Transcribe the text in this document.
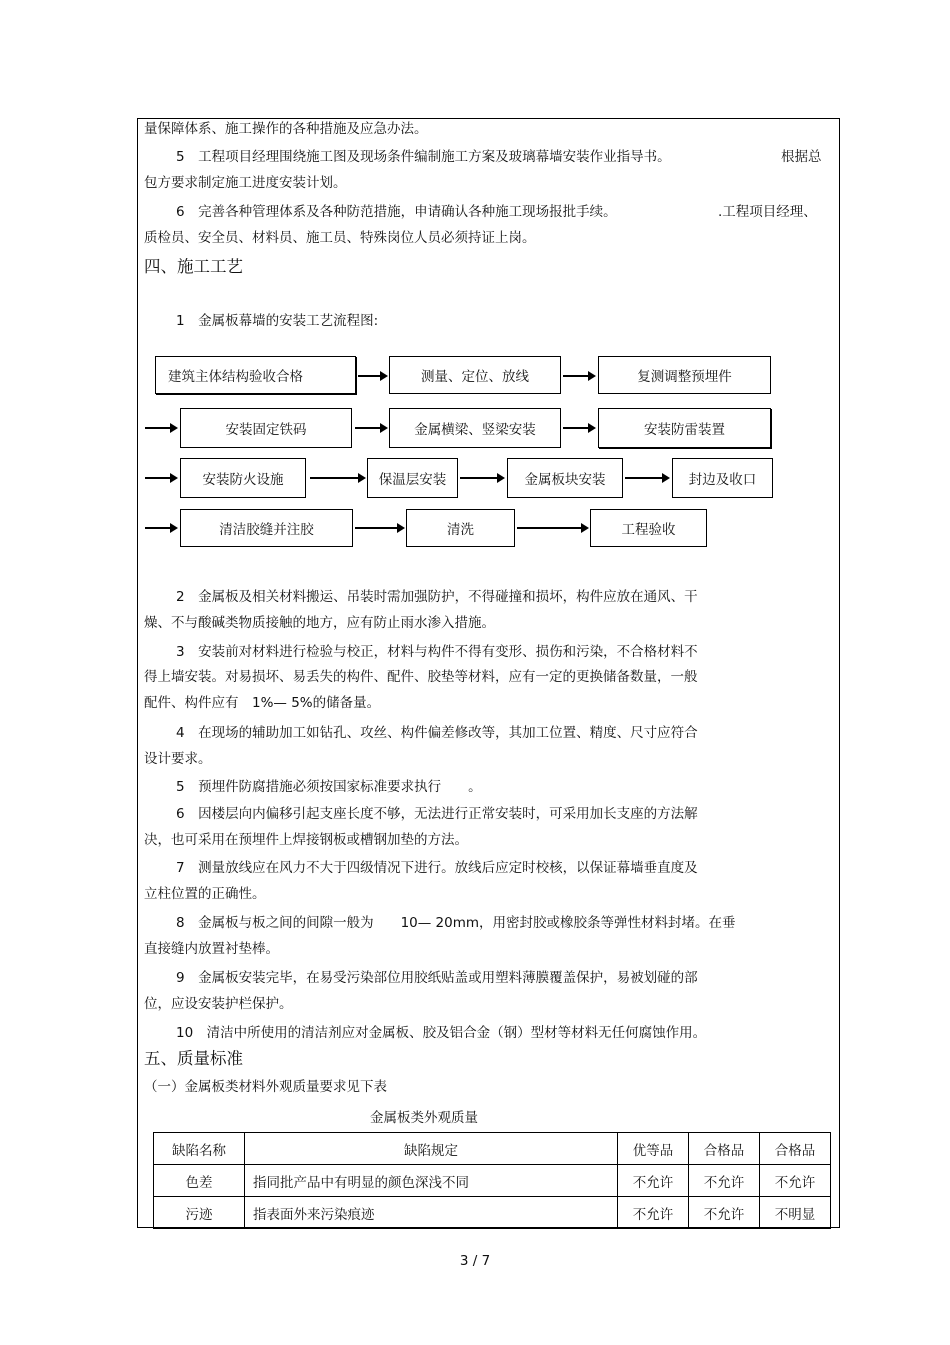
量保障体系、施工操作的各种措施及应急办法。
5　工程项目经理围绕施工图及现场条件编制施工方案及玻璃幕墙安装作业指导书。	根据总
包方要求制定施工进度安装计划。
6　完善各种管理体系及各种防范措施，申请确认各种施工现场报批手续。	.工程项目经理、
质检员、安全员、材料员、施工员、特殊岗位人员必须持证上岗。
四、施工工艺
1　金属板幕墙的安装工艺流程图:
建筑主体结构验收合格	测量、定位、放线	复测调整预埋件
安装固定铁码	金属横梁、竖梁安装	安装防雷装置
安装防火设施	保温层安装	金属板块安装	封边及收口
清洁胶缝并注胶	清洗	工程验收
2　金属板及相关材料搬运、吊装时需加强防护，不得碰撞和损坏，构件应放在通风、干
燥、不与酸碱类物质接触的地方，应有防止雨水渗入措施。
3　安装前对材料进行检验与校正，材料与构件不得有变形、损伤和污染，不合格材料不
得上墙安装。对易损坏、易丢失的构件、配件、胶垫等材料，应有一定的更换储备数量，一般
配件、构件应有　1%— 5%的储备量。
4　在现场的辅助加工如钻孔、攻丝、构件偏差修改等，其加工位置、精度、尺寸应符合
设计要求。
5　预埋件防腐措施必须按国家标准要求执行　　。
6　因楼层向内偏移引起支座长度不够，无法进行正常安装时，可采用加长支座的方法解
决，也可采用在预埋件上焊接钢板或槽钢加垫的方法。
7　测量放线应在风力不大于四级情况下进行。放线后应定时校核，以保证幕墙垂直度及
立柱位置的正确性。
8　金属板与板之间的间隙一般为　　10— 20mm，用密封胶或橡胶条等弹性材料封堵。在垂
直接缝内放置衬垫棒。
9　金属板安装完毕，在易受污染部位用胶纸贴盖或用塑料薄膜覆盖保护，易被划碰的部
位，应设安装护栏保护。
10　清洁中所使用的清洁剂应对金属板、胶及铝合金（钢）型材等材料无任何腐蚀作用。
五、质量标准
（一）金属板类材料外观质量要求见下表
金属板类外观质量
缺陷名称	缺陷规定	优等品	合格品	合格品
色差	指同批产品中有明显的颜色深浅不同	不允许	不允许	不允许
污迹	指表面外来污染痕迹	不允许	不允许	不明显
3 / 7
